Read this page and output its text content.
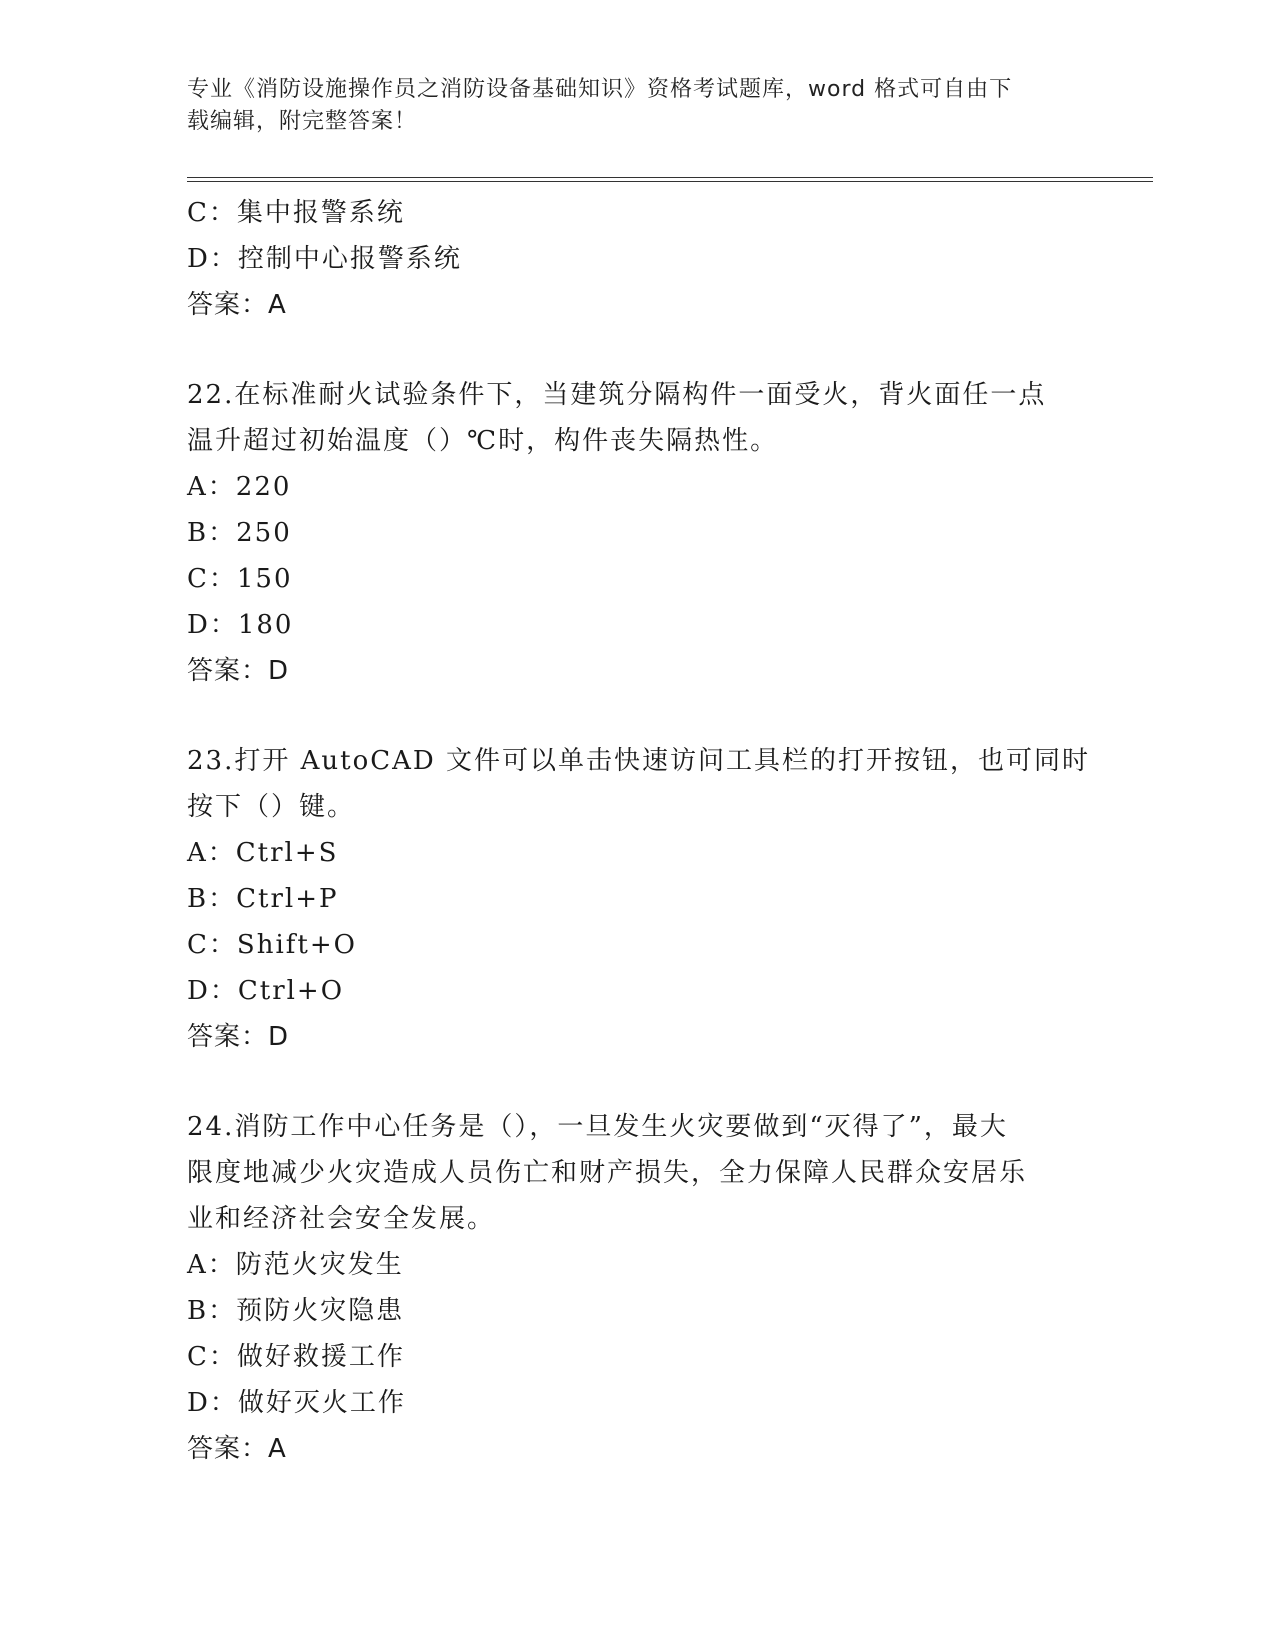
专业《消防设施操作员之消防设备基础知识》资格考试题库，word 格式可自由下
载编辑，附完整答案！
C：集中报警系统
D：控制中心报警系统
答案：A
22.在标准耐火试验条件下，当建筑分隔构件一面受火，背火面任一点
温升超过初始温度（）℃时，构件丧失隔热性。
A：220
B：250
C：150
D：180
答案：D
23.打开 AutoCAD 文件可以单击快速访问工具栏的打开按钮，也可同时
按下（）键。
A：Ctrl+S
B：Ctrl+P
C：Shift+O
D：Ctrl+O
答案：D
24.消防工作中心任务是（），一旦发生火灾要做到“灭得了”，最大
限度地减少火灾造成人员伤亡和财产损失，全力保障人民群众安居乐
业和经济社会安全发展。
A：防范火灾发生
B：预防火灾隐患
C：做好救援工作
D：做好灭火工作
答案：A
